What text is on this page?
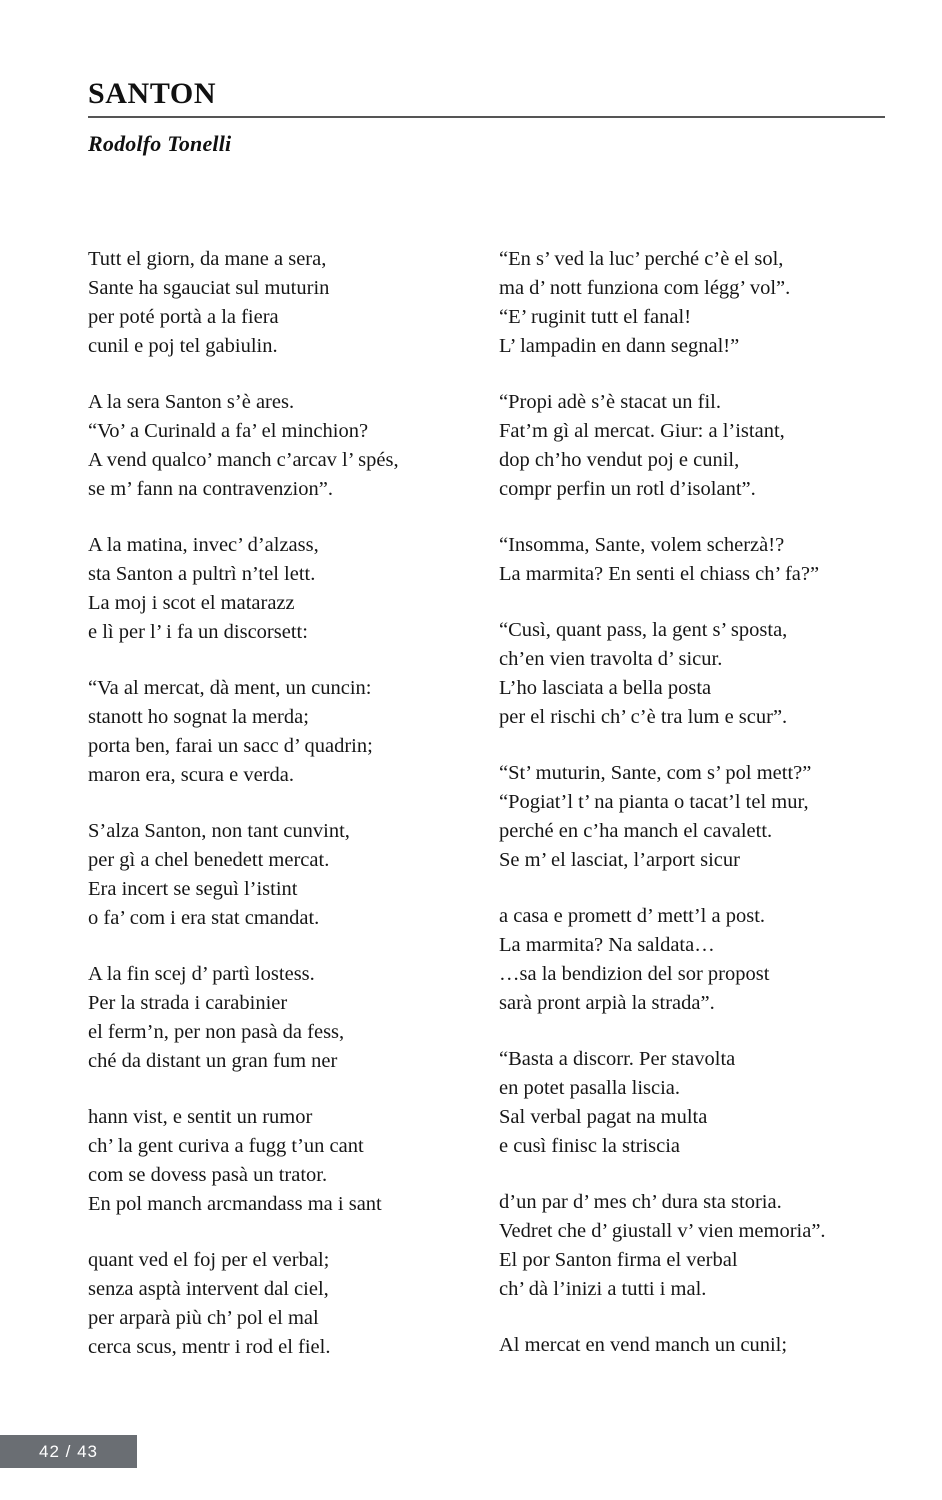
SANTON
Rodolfo Tonelli
Tutt el giorn, da mane a sera,
Sante ha sgauciat sul muturin
per poté portà a la fiera
cunil e poj tel gabiulin.
A la sera Santon s’è ares.
“Vo’ a Curinald a fa’ el minchion?
A vend qualco’ manch c’arcav l’ spés,
se m’ fann na contravenzion”.
A la matina, invec’ d’alzass,
sta Santon a pultrì n’tel lett.
La moj i scot el matarazz
e lì per l’ i fa un discorsett:
“Va al mercat, dà ment, un cuncin:
stanott ho sognat la merda;
porta ben, farai un sacc d’ quadrin;
maron era, scura e verda.
S’alza Santon, non tant cunvint,
per gì a chel benedett mercat.
Era incert se seguì l’istint
o fa’ com i era stat cmandat.
A la fin scej d’ partì lostess.
Per la strada i carabinier
el ferm’n, per non pasà da fess,
ché da distant un gran fum ner
hann vist, e sentit un rumor
ch’ la gent curiva a fugg t’un cant
com se dovess pasà un trator.
En pol manch arcmandass ma i sant
quant ved el foj per el verbal;
senza asptà intervent dal ciel,
per arparà più ch’ pol el mal
cerca scus, mentr i rod el fiel.
“En s’ ved la luc’ perché c’è el sol,
ma d’ nott funziona com légg’ vol”.
“E’ ruginit tutt el fanal!
L’ lampadin en dann segnal!”
“Propi adè s’è stacat un fil.
Fat’m gì al mercat. Giur: a l’istant,
dop ch’ho vendut poj e cunil,
compr perfin un rotl d’isolant”.
“Insomma, Sante, volem scherzà!?
La marmita? En senti el chiass ch’ fa?”
“Cusì, quant pass, la gent s’ sposta,
ch’en vien travolta d’ sicur.
L’ho lasciata a bella posta
per el rischi ch’ c’è tra lum e scur”.
“St’ muturin, Sante, com s’ pol mett?”
“Pogiat’l t’ na pianta o tacat’l tel mur,
perché en c’ha manch el cavalett.
Se m’ el lasciat, l’arport sicur
a casa e promett d’ mett’l a post.
La marmita? Na saldata…
…sa la bendizion del sor propost
sarà pront arpià la strada”.
“Basta a discorr. Per stavolta
en potet pasalla liscia.
Sal verbal pagat na multa
e cusì finisc la striscia
d’un par d’ mes ch’ dura sta storia.
Vedret che d’ giustall v’ vien memoria”.
El por Santon firma el verbal
ch’ dà l’inizi a tutti i mal.
Al mercat en vend manch un cunil;
42 / 43
